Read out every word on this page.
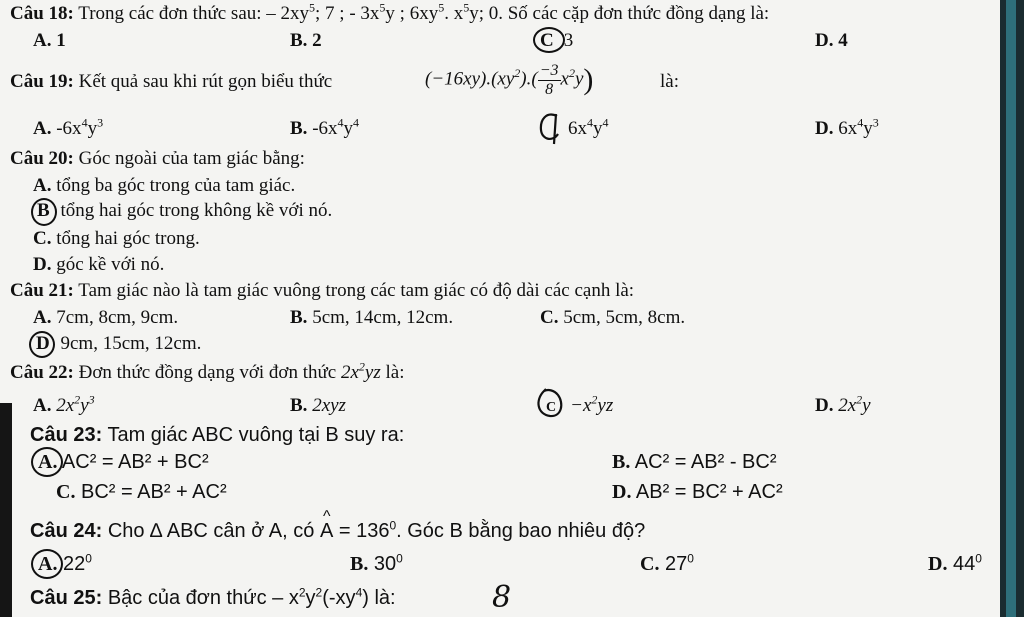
Câu 18: Trong các đơn thức sau: – $2xy^5$; 7 ; - $3x^5y$ ; $6xy^5$. $x^5y$; 0. Số các cặp đơn thức đồng dạng là:
A. 1	B. 2	C 3	D. 4
Câu 19: Kết quả sau khi rút gọn biểu thức	$(-16xy).(xy^2).( \frac{-3}{8} x^2y)$	là:
A. $-6x^4y^3$	B. $-6x^4y^4$	$6x^4y^4$	D. $6x^4y^3$
Câu 20: Góc ngoài của tam giác bằng:
A. tổng ba góc trong của tam giác.
B tổng hai góc trong không kề với nó.
C. tổng hai góc trong.
D. góc kề với nó.
Câu 21: Tam giác nào là tam giác vuông trong các tam giác có độ dài các cạnh là:
A. 7cm, 8cm, 9cm.	B. 5cm, 14cm, 12cm.	C. 5cm, 5cm, 8cm.
D 9cm, 15cm, 12cm.
Câu 22: Đơn thức đồng dạng với đơn thức $2x^2yz$ là:
A. $2x^2y^3$	B. 2xyz	$C -x^2yz$	D. $2x^2y$
Câu 23: Tam giác ABC vuông tại B suy ra:
A. AC² = AB² + BC²	B. AC² = AB² - BC²
C. BC² = AB² + AC²	D. AB² = BC² + AC²
Câu 24: Cho ∆ ABC cân ở A, có
^
$A = 136^0$. Góc B bằng bao nhiêu độ?
A. $22^0$	B. $30^0$	C. $27^0$	D. $44^0$
Câu 25: Bậc của đơn thức – $x^2y^2(-xy^4)$ là:	8
